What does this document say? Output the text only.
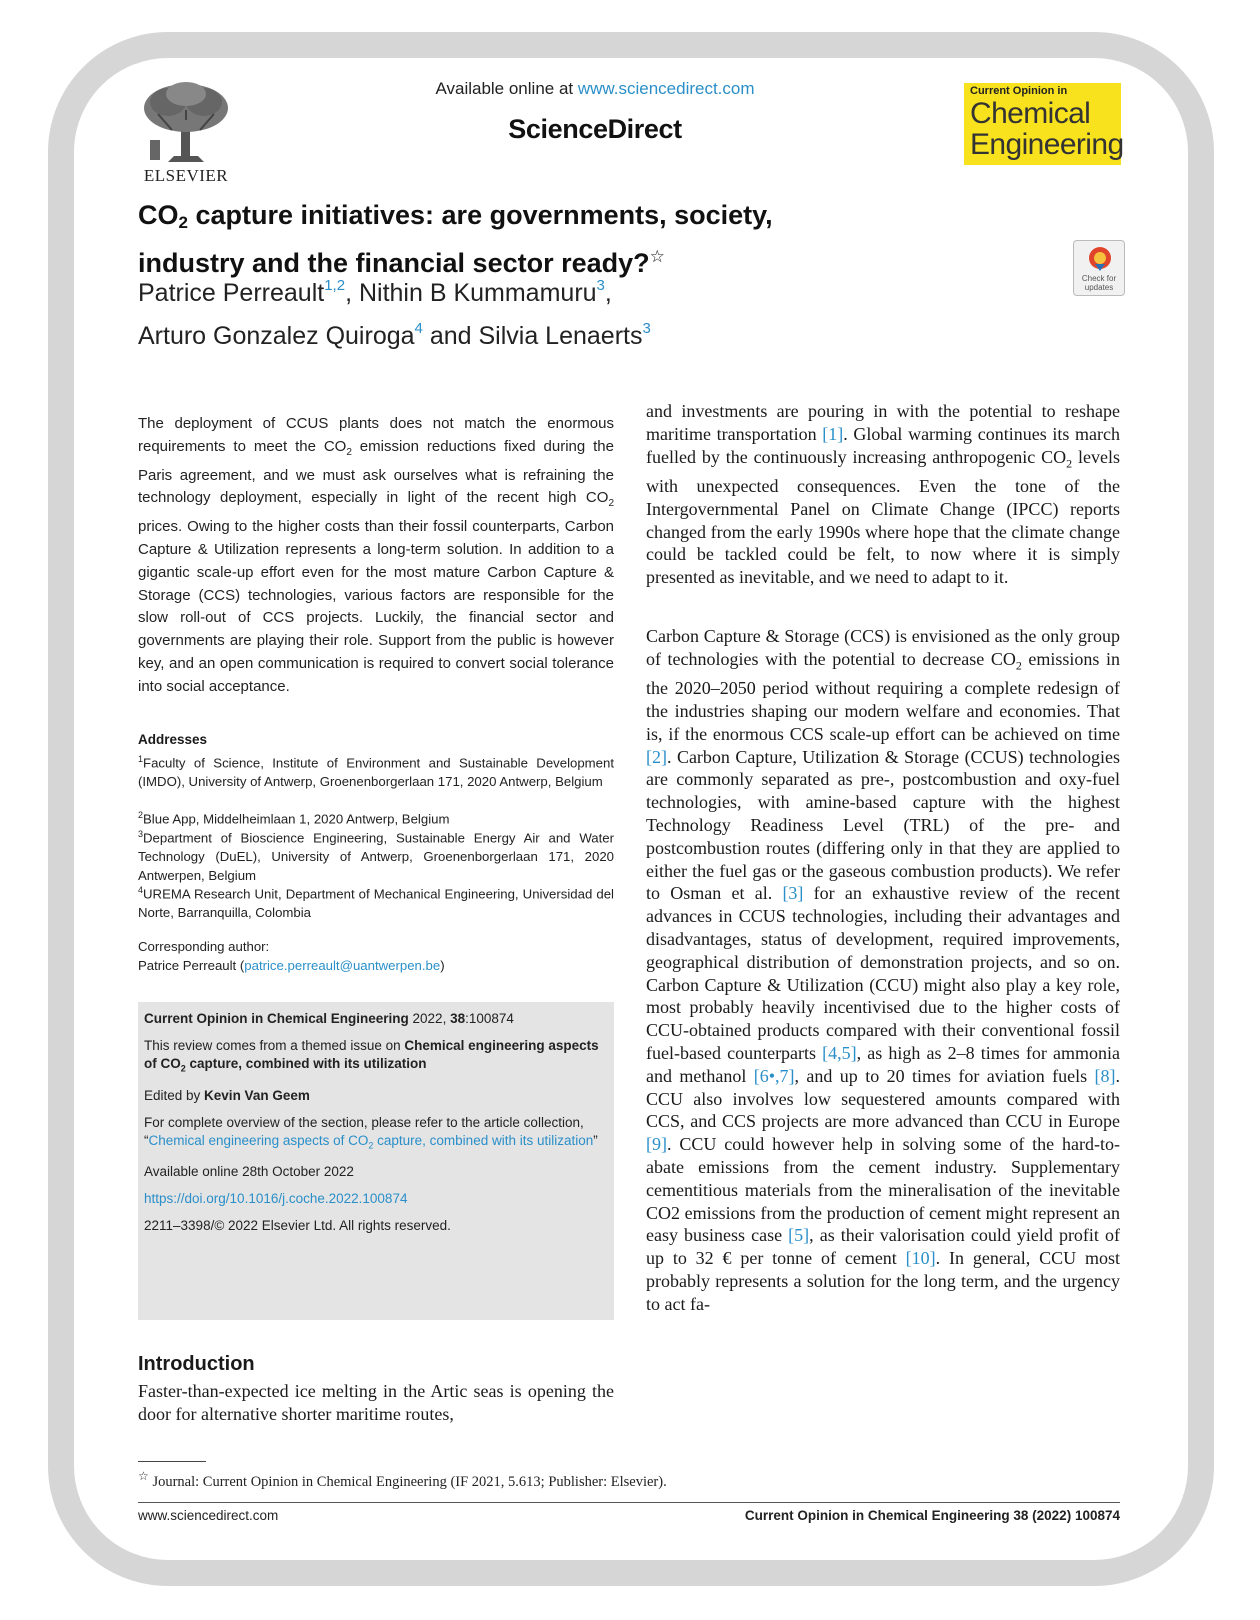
ELSEVIER
Available online at www.sciencedirect.com
ScienceDirect
Current Opinion in
Chemical
Engineering
Check for
updates
$CO_2$ capture initiatives: are governments, society,
industry and the financial sector ready?☆
Patrice Perreault$^{1,2}$, Nithin B Kummamuru$^3$,
Arturo Gonzalez Quiroga$^4$ and Silvia Lenaerts$^3$
The deployment of CCUS plants does not match the enormous requirements to meet the $CO_2$ emission reductions fixed during the Paris agreement, and we must ask ourselves what is refraining the technology deployment, especially in light of the recent high $CO_2$ prices. Owing to the higher costs than their fossil counterparts, Carbon Capture & Utilization represents a long-term solution. In addition to a gigantic scale-up effort even for the most mature Carbon Capture & Storage (CCS) technologies, various factors are responsible for the slow roll-out of CCS projects. Luckily, the financial sector and governments are playing their role. Support from the public is however key, and an open communication is required to convert social tolerance into social acceptance.
Addresses
$^1$Faculty of Science, Institute of Environment and Sustainable Development (IMDO), University of Antwerp, Groenenborgerlaan 171, 2020 Antwerp, Belgium
$^2$Blue App, Middelheimlaan 1, 2020 Antwerp, Belgium
$^3$Department of Bioscience Engineering, Sustainable Energy Air and Water Technology (DuEL), University of Antwerp, Groenenborgerlaan 171, 2020 Antwerpen, Belgium
$^4$UREMA Research Unit, Department of Mechanical Engineering, Universidad del Norte, Barranquilla, Colombia
Corresponding author:
Patrice Perreault (patrice.perreault@uantwerpen.be)

Current Opinion in Chemical Engineering 2022, 38:100874

This review comes from a themed issue on Chemical engineering aspects of $CO_2$ capture, combined with its utilization

Edited by Kevin Van Geem

For complete overview of the section, please refer to the article collection, “Chemical engineering aspects of $CO_2$ capture, combined with its utilization”

Available online 28th October 2022

https://doi.org/10.1016/j.coche.2022.100874

2211–3398/© 2022 Elsevier Ltd. All rights reserved.

Introduction
Faster-than-expected ice melting in the Artic seas is opening the door for alternative shorter maritime routes,
and investments are pouring in with the potential to reshape maritime transportation [1]. Global warming continues its march fuelled by the continuously increasing anthropogenic $CO_2$ levels with unexpected consequences. Even the tone of the Intergovernmental Panel on Climate Change (IPCC) reports changed from the early 1990s where hope that the climate change could be tackled could be felt, to now where it is simply presented as inevitable, and we need to adapt to it.
Carbon Capture & Storage (CCS) is envisioned as the only group of technologies with the potential to decrease $CO_2$ emissions in the 2020–2050 period without requiring a complete redesign of the industries shaping our modern welfare and economies. That is, if the enormous CCS scale-up effort can be achieved on time [2]. Carbon Capture, Utilization & Storage (CCUS) technologies are commonly separated as pre-, postcombustion and oxy-fuel technologies, with amine-based capture with the highest Technology Readiness Level (TRL) of the pre- and postcombustion routes (differing only in that they are applied to either the fuel gas or the gaseous combustion products). We refer to Osman et al. [3] for an exhaustive review of the recent advances in CCUS technologies, including their advantages and disadvantages, status of development, required improvements, geographical distribution of demonstration projects, and so on. Carbon Capture & Utilization (CCU) might also play a key role, most probably heavily incentivised due to the higher costs of CCU-obtained products compared with their conventional fossil fuel-based counterparts [4,5], as high as 2–8 times for ammonia and methanol [6•,7], and up to 20 times for aviation fuels [8]. CCU also involves low sequestered amounts compared with CCS, and CCS projects are more advanced than CCU in Europe [9]. CCU could however help in solving some of the hard-to-abate emissions from the cement industry. Supplementary cementitious materials from the mineralisation of the inevitable CO2 emissions from the production of cement might represent an easy business case [5], as their valorisation could yield profit of up to 32 € per tonne of cement [10]. In general, CCU most probably represents a solution for the long term, and the urgency to act fa-
☆ Journal: Current Opinion in Chemical Engineering (IF 2021, 5.613; Publisher: Elsevier).
www.sciencedirect.com	Current Opinion in Chemical Engineering 38 (2022) 100874
